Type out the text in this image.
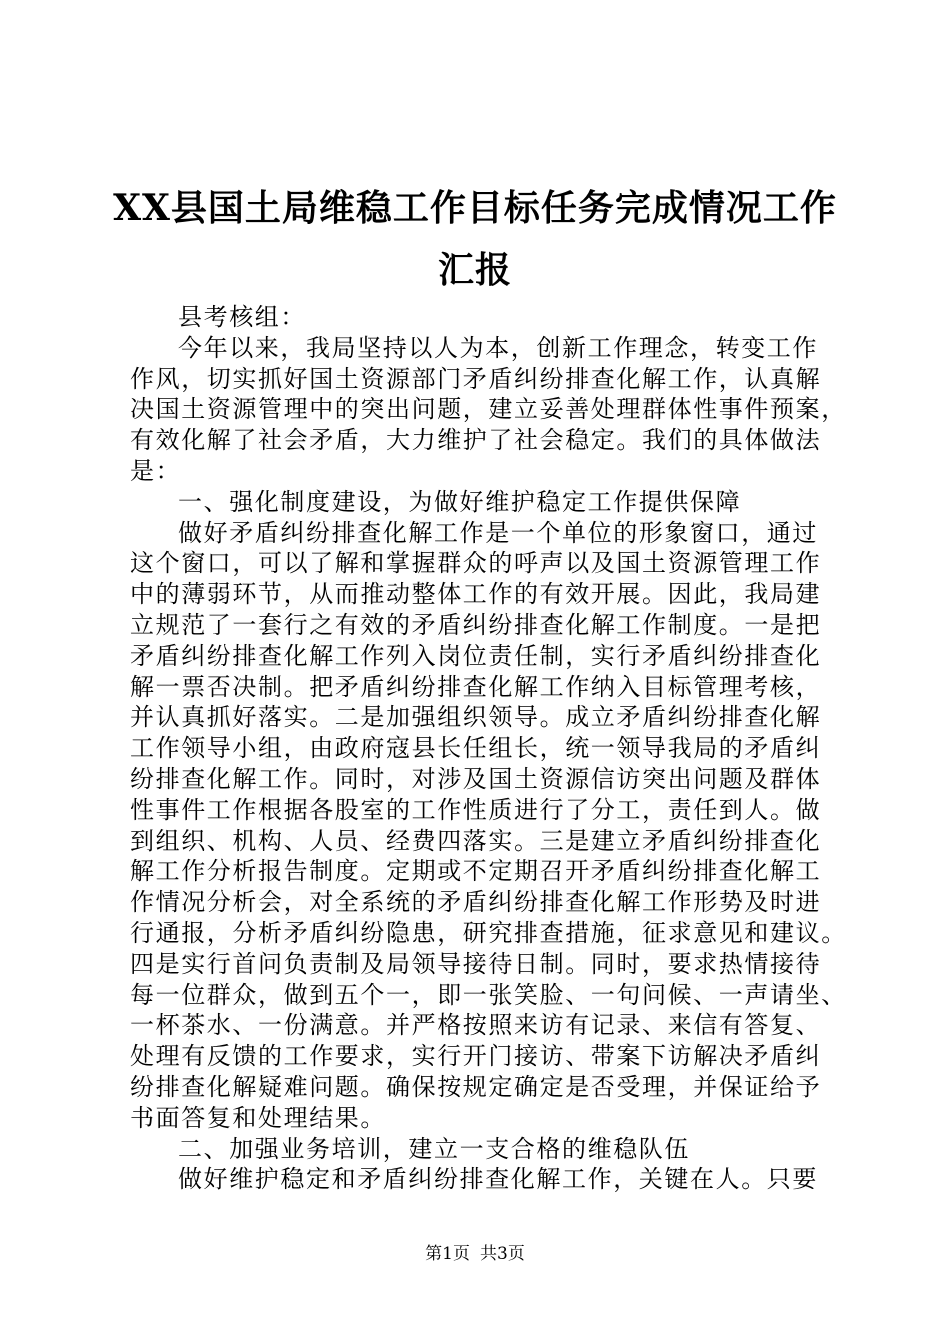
XX县国土局维稳工作目标任务完成情况工作
汇报
县考核组：
今年以来，我局坚持以人为本，创新工作理念，转变工作
作风，切实抓好国土资源部门矛盾纠纷排查化解工作，认真解
决国土资源管理中的突出问题，建立妥善处理群体性事件预案，
有效化解了社会矛盾，大力维护了社会稳定。我们的具体做法
是：
一、强化制度建设，为做好维护稳定工作提供保障
做好矛盾纠纷排查化解工作是一个单位的形象窗口，通过
这个窗口，可以了解和掌握群众的呼声以及国土资源管理工作
中的薄弱环节，从而推动整体工作的有效开展。因此，我局建
立规范了一套行之有效的矛盾纠纷排查化解工作制度。一是把
矛盾纠纷排查化解工作列入岗位责任制，实行矛盾纠纷排查化
解一票否决制。把矛盾纠纷排查化解工作纳入目标管理考核，
并认真抓好落实。二是加强组织领导。成立矛盾纠纷排查化解
工作领导小组，由政府寇县长任组长，统一领导我局的矛盾纠
纷排查化解工作。同时，对涉及国土资源信访突出问题及群体
性事件工作根据各股室的工作性质进行了分工，责任到人。做
到组织、机构、人员、经费四落实。三是建立矛盾纠纷排查化
解工作分析报告制度。定期或不定期召开矛盾纠纷排查化解工
作情况分析会，对全系统的矛盾纠纷排查化解工作形势及时进
行通报，分析矛盾纠纷隐患，研究排查措施，征求意见和建议。
四是实行首问负责制及局领导接待日制。同时，要求热情接待
每一位群众，做到五个一，即一张笑脸、一句问候、一声请坐、
一杯茶水、一份满意。并严格按照来访有记录、来信有答复、
处理有反馈的工作要求，实行开门接访、带案下访解决矛盾纠
纷排查化解疑难问题。确保按规定确定是否受理，并保证给予
书面答复和处理结果。
二、加强业务培训，建立一支合格的维稳队伍
做好维护稳定和矛盾纠纷排查化解工作，关键在人。只要
第1页 共3页
